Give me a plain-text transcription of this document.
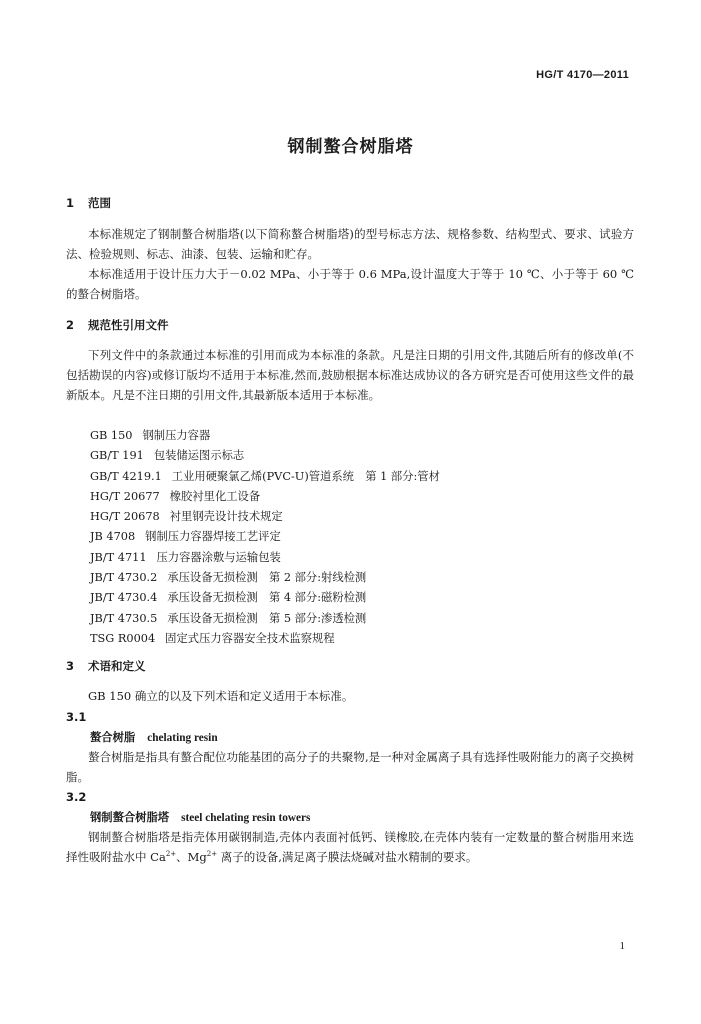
HG/T 4170—2011
钢制螯合树脂塔
1 范围

本标准规定了钢制螯合树脂塔(以下简称螯合树脂塔)的型号标志方法、规格参数、结构型式、要求、试验方法、检验规则、标志、油漆、包装、运输和贮存。

本标准适用于设计压力大于－0.02 MPa、小于等于 0.6 MPa,设计温度大于等于 10 ℃、小于等于 60 ℃的螯合树脂塔。

2 规范性引用文件

下列文件中的条款通过本标准的引用而成为本标准的条款。凡是注日期的引用文件,其随后所有的修改单(不包括勘误的内容)或修订版均不适用于本标准,然而,鼓励根据本标准达成协议的各方研究是否可使用这些文件的最新版本。凡是不注日期的引用文件,其最新版本适用于本标准。

GB 150 钢制压力容器
GB/T 191 包装储运图示标志
GB/T 4219.1 工业用硬聚氯乙烯(PVC-U)管道系统　第 1 部分:管材
HG/T 20677 橡胶衬里化工设备
HG/T 20678 衬里钢壳设计技术规定
JB 4708 钢制压力容器焊接工艺评定
JB/T 4711 压力容器涂敷与运输包装
JB/T 4730.2 承压设备无损检测　第 2 部分:射线检测
JB/T 4730.4 承压设备无损检测　第 4 部分:磁粉检测
JB/T 4730.5 承压设备无损检测　第 5 部分:渗透检测
TSG R0004 固定式压力容器安全技术监察规程
3 术语和定义

GB 150 确立的以及下列术语和定义适用于本标准。

3.1
螯合树脂 chelating resin

螯合树脂是指具有螯合配位功能基团的高分子的共聚物,是一种对金属离子具有选择性吸附能力的离子交换树脂。

3.2
钢制螯合树脂塔 steel chelating resin towers

钢制螯合树脂塔是指壳体用碳钢制造,壳体内表面衬低钙、镁橡胶,在壳体内装有一定数量的螯合树脂用来选择性吸附盐水中 $Ca^{2+}$、$Mg^{2+}$ 离子的设备,满足离子膜法烧碱对盐水精制的要求。

1
